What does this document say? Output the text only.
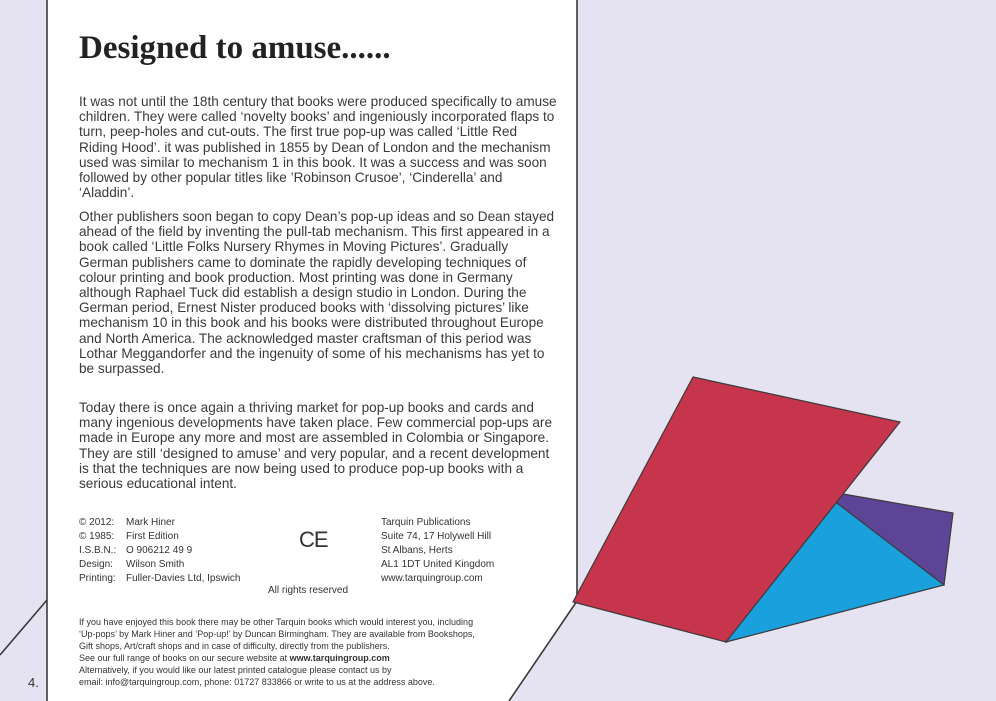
Designed to amuse......

It was not until the 18th century that books were produced specifically to amuse children. They were called ‘novelty books’ and ingeniously incorporated flaps to turn, peep-holes and cut-outs. The first true pop-up was called ‘Little Red Riding Hood’. it was published in 1855 by Dean of London and the mechanism used was similar to mechanism 1 in this book. It was a success and was soon followed by other popular titles like ’Robinson Crusoe’, ‘Cinderella’ and ‘Aladdin’.

Other publishers soon began to copy Dean’s pop-up ideas and so Dean stayed ahead of the field by inventing the pull-tab mechanism. This first appeared in a book called ‘Little Folks Nursery Rhymes in Moving Pictures’. Gradually German publishers came to dominate the rapidly developing techniques of colour printing and book production. Most printing was done in Germany although Raphael Tuck did establish a design studio in London. During the German period, Ernest Nister produced books with ‘dissolving pictures’ like mechanism 10 in this book and his books were distributed throughout Europe and North America. The acknowledged master craftsman of this period was Lothar Meggandorfer and the ingenuity of some of his mechanisms has yet to be surpassed.

Today there is once again a thriving market for pop-up books and cards and many ingenious developments have taken place. Few commercial pop-ups are made in Europe any more and most are assembled in Colombia or Singapore. They are still ‘designed to amuse’ and very popular, and a recent development is that the techniques are now being used to produce pop-up books with a serious educational intent.

© 2012:	Mark Hiner
© 1985:	First Edition
I.S.B.N.:	O 906212 49 9
Design:	Wilson Smith
Printing:	Fuller-Davies Ltd, Ipswich
CE
All rights reserved
Tarquin Publications
Suite 74, 17 Holywell Hill
St Albans, Herts
AL1 1DT United Kingdom
www.tarquingroup.com
If you have enjoyed this book there may be other Tarquin books which would interest you, including
‘Up-pops’ by Mark Hiner and ‘Pop-up!’ by Duncan Birmingham. They are available from Bookshops,
Gift shops, Art/craft shops and in case of difficulty, directly from the publishers.
See our full range of books on our secure website at www.tarquingroup.com
Alternatively, if you would like our latest printed catalogue please contact us by
email: info@tarquingroup.com, phone: 01727 833866 or write to us at the address above.
4.
